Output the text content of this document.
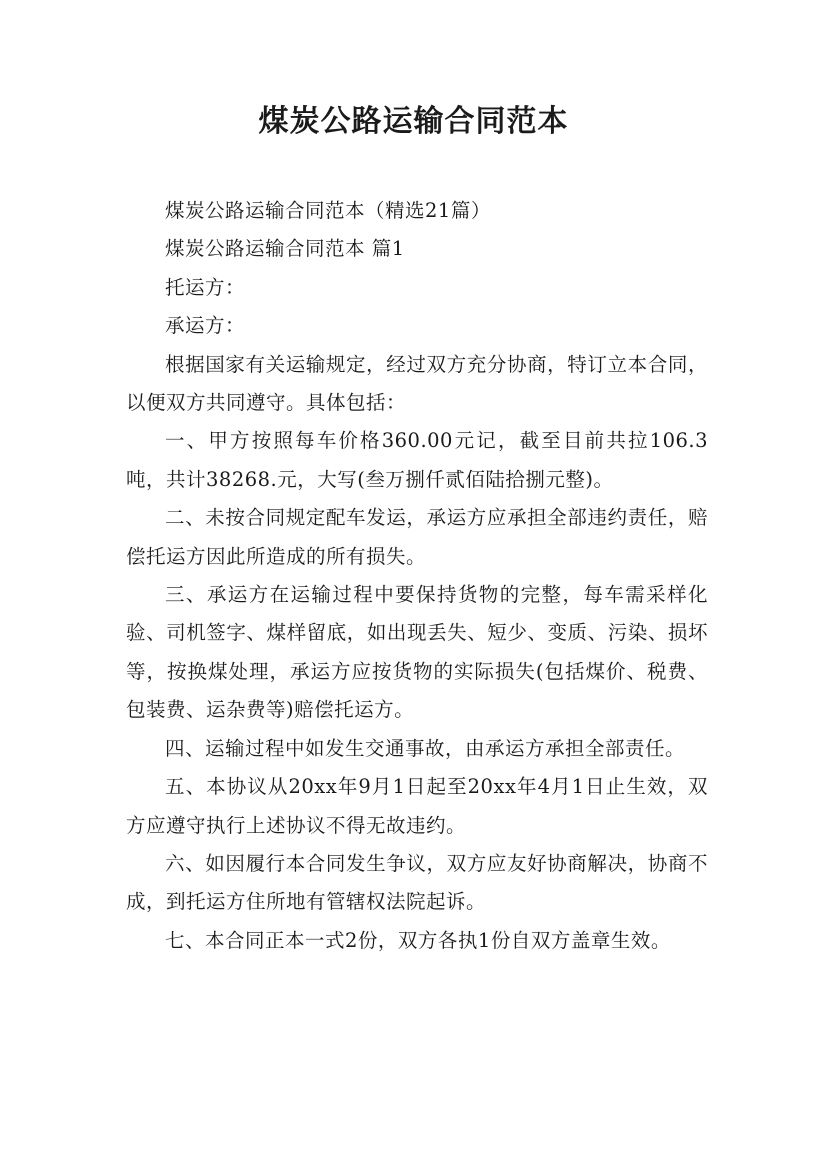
煤炭公路运输合同范本

煤炭公路运输合同范本（精选21篇）

煤炭公路运输合同范本 篇1

托运方：

承运方：

根据国家有关运输规定，经过双方充分协商，特订立本合同，以便双方共同遵守。具体包括：

一、甲方按照每车价格360.00元记，截至目前共拉106.3吨，共计38268.元，大写(叁万捌仟贰佰陆拾捌元整)。

二、未按合同规定配车发运，承运方应承担全部违约责任，赔偿托运方因此所造成的所有损失。

三、承运方在运输过程中要保持货物的完整，每车需采样化验、司机签字、煤样留底，如出现丢失、短少、变质、污染、损坏等，按换煤处理，承运方应按货物的实际损失(包括煤价、税费、包装费、运杂费等)赔偿托运方。

四、运输过程中如发生交通事故，由承运方承担全部责任。

五、本协议从20xx年9月1日起至20xx年4月1日止生效，双方应遵守执行上述协议不得无故违约。

六、如因履行本合同发生争议，双方应友好协商解决，协商不成，到托运方住所地有管辖权法院起诉。

七、本合同正本一式2份，双方各执1份自双方盖章生效。
